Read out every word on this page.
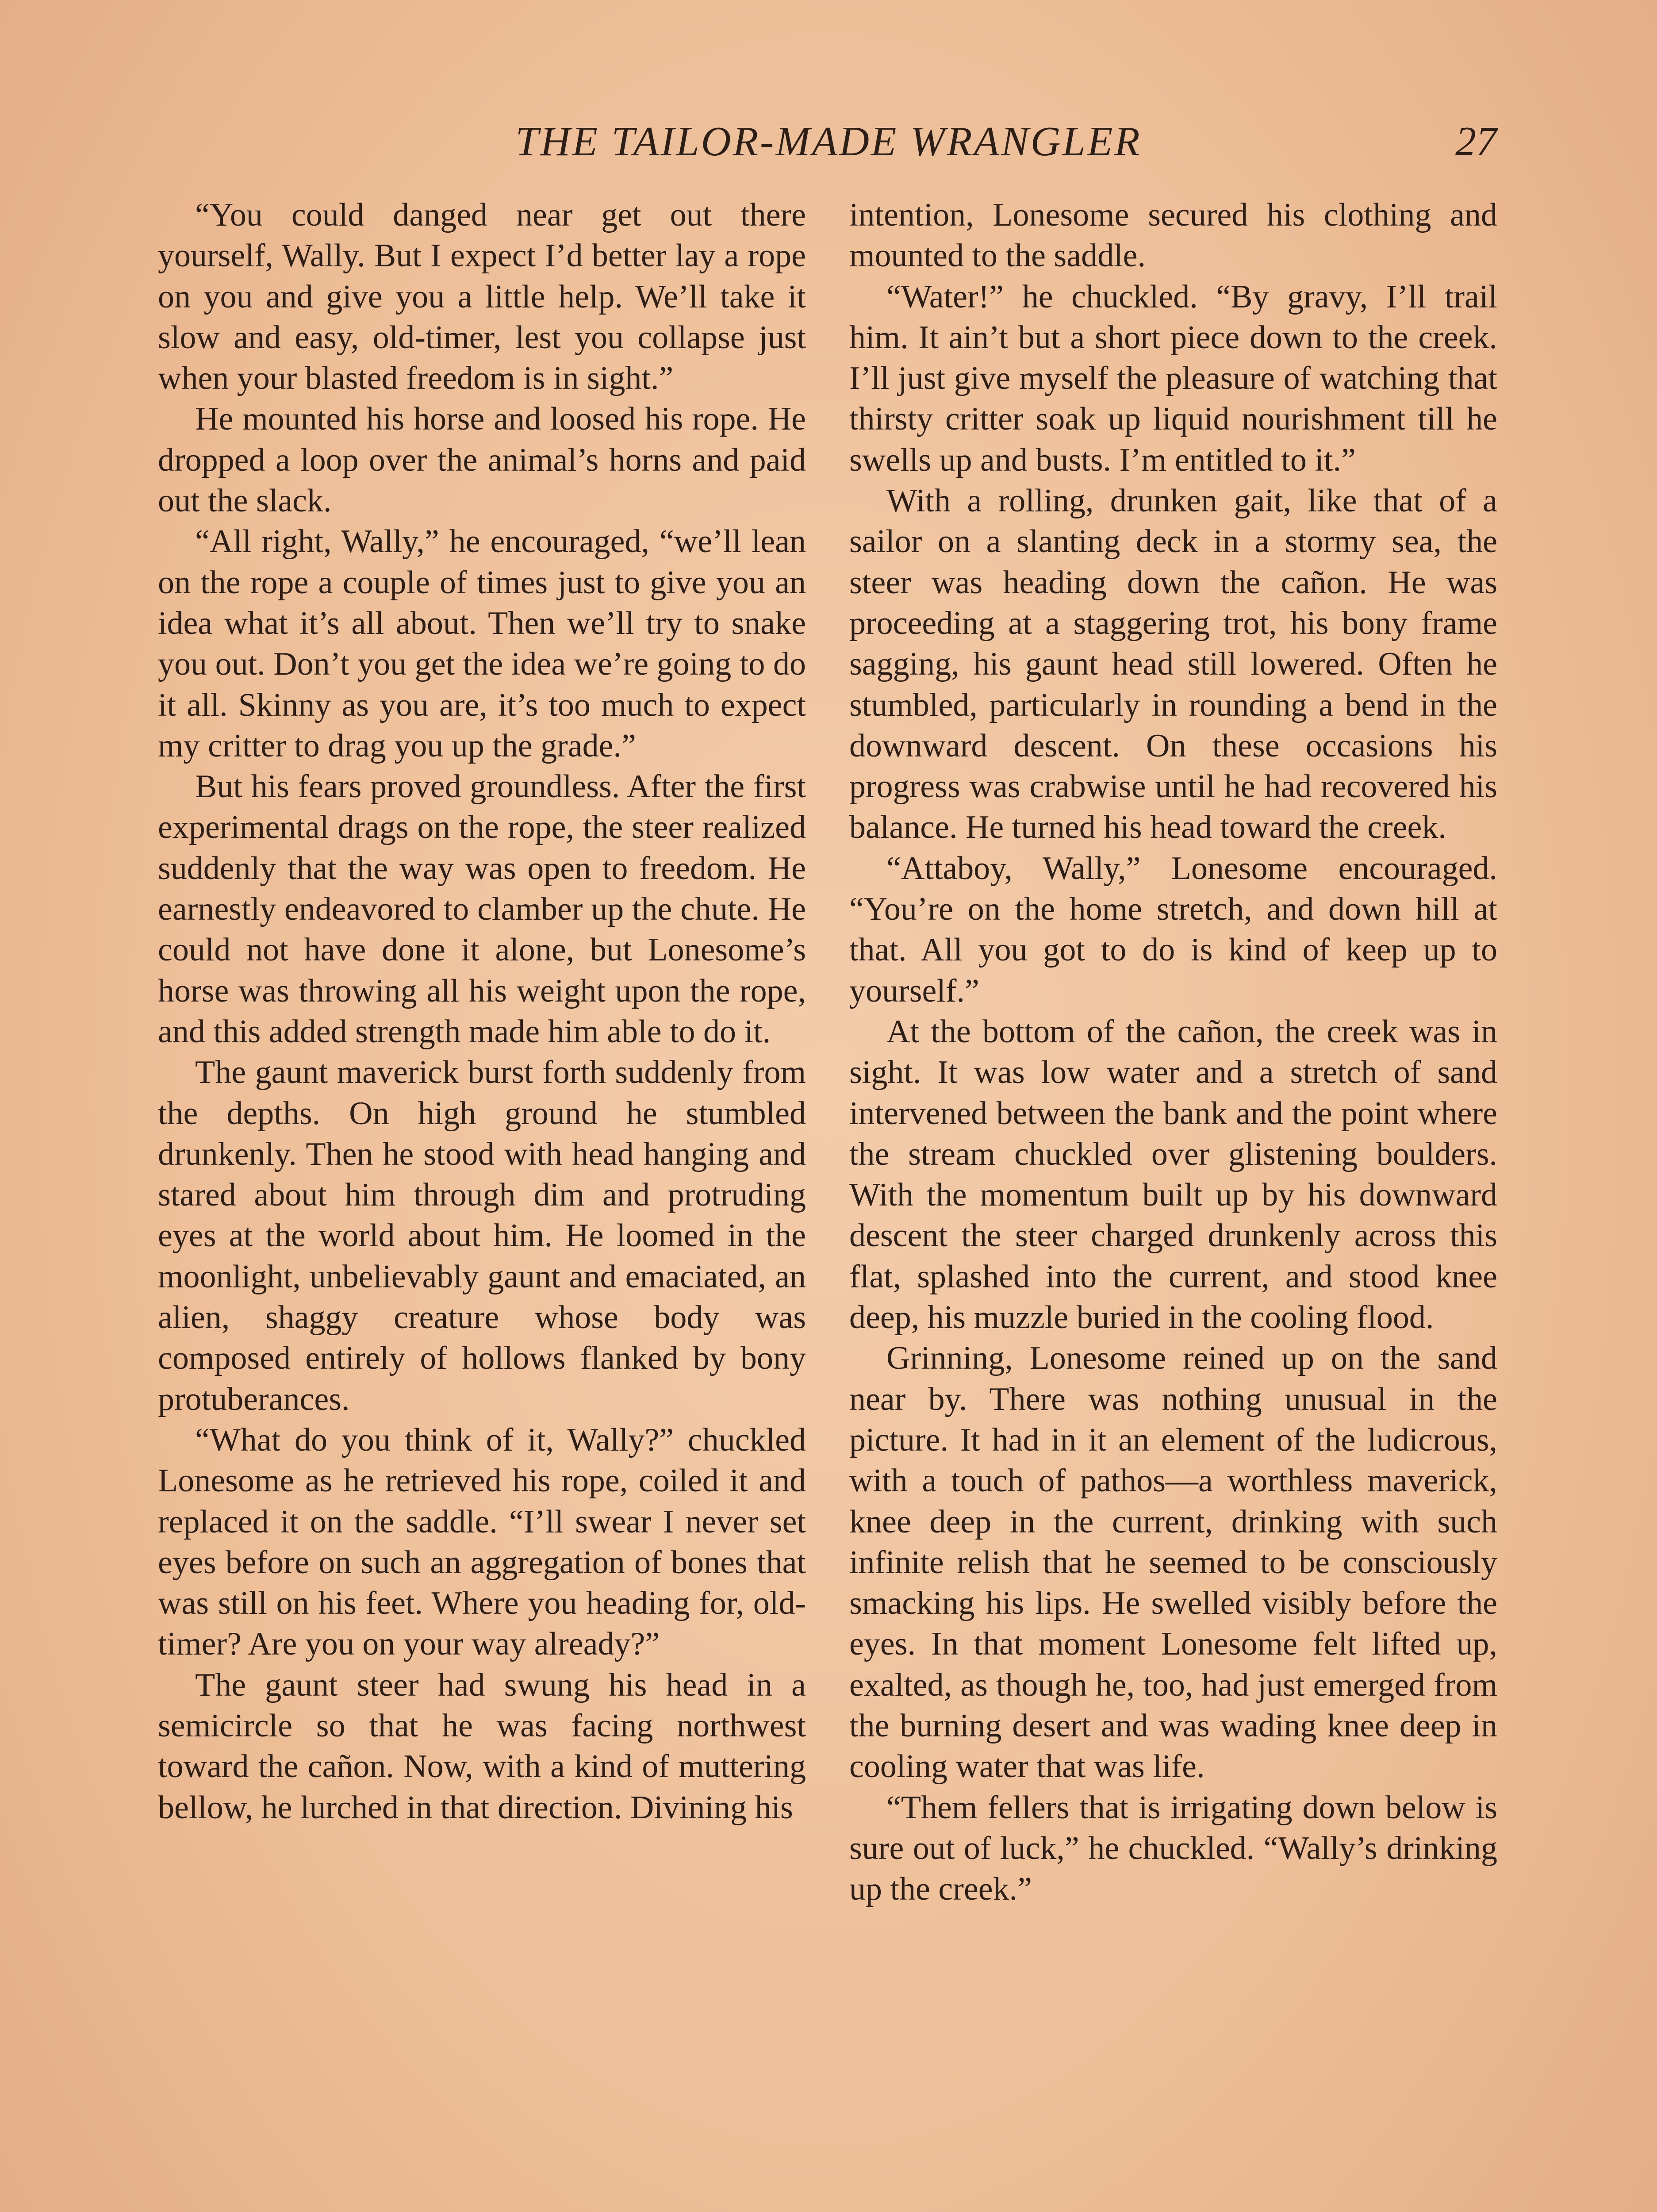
THE TAILOR-MADE WRANGLER	27

“You could danged near get out there yourself, Wally. But I expect I’d better lay a rope on you and give you a little help. We’ll take it slow and easy, old-timer, lest you collapse just when your blasted freedom is in sight.”

He mounted his horse and loosed his rope. He dropped a loop over the animal’s horns and paid out the slack.

“All right, Wally,” he encouraged, “we’ll lean on the rope a couple of times just to give you an idea what it’s all about. Then we’ll try to snake you out. Don’t you get the idea we’re going to do it all. Skinny as you are, it’s too much to expect my critter to drag you up the grade.”

But his fears proved groundless. After the first experimental drags on the rope, the steer realized suddenly that the way was open to freedom. He earnestly endeavored to clamber up the chute. He could not have done it alone, but Lonesome’s horse was throwing all his weight upon the rope, and this added strength made him able to do it.

The gaunt maverick burst forth suddenly from the depths. On high ground he stumbled drunkenly. Then he stood with head hanging and stared about him through dim and protruding eyes at the world about him. He loomed in the moonlight, unbelievably gaunt and emaciated, an alien, shaggy creature whose body was composed entirely of hollows flanked by bony protuberances.

“What do you think of it, Wally?” chuckled Lonesome as he retrieved his rope, coiled it and replaced it on the saddle. “I’ll swear I never set eyes before on such an aggregation of bones that was still on his feet. Where you heading for, old-timer? Are you on your way already?”

The gaunt steer had swung his head in a semicircle so that he was facing northwest toward the cañon. Now, with a kind of muttering bellow, he lurched in that direction. Divining his

intention, Lonesome secured his clothing and mounted to the saddle.

“Water!” he chuckled. “By gravy, I’ll trail him. It ain’t but a short piece down to the creek. I’ll just give myself the pleasure of watching that thirsty critter soak up liquid nourishment till he swells up and busts. I’m entitled to it.”

With a rolling, drunken gait, like that of a sailor on a slanting deck in a stormy sea, the steer was heading down the cañon. He was proceeding at a staggering trot, his bony frame sagging, his gaunt head still lowered. Often he stumbled, particularly in rounding a bend in the downward descent. On these occasions his progress was crabwise until he had recovered his balance. He turned his head toward the creek.

“Attaboy, Wally,” Lonesome encouraged. “You’re on the home stretch, and down hill at that. All you got to do is kind of keep up to yourself.”

At the bottom of the cañon, the creek was in sight. It was low water and a stretch of sand intervened between the bank and the point where the stream chuckled over glistening boulders. With the momentum built up by his downward descent the steer charged drunkenly across this flat, splashed into the current, and stood knee deep, his muzzle buried in the cooling flood.

Grinning, Lonesome reined up on the sand near by. There was nothing unusual in the picture. It had in it an element of the ludicrous, with a touch of pathos—a worthless maverick, knee deep in the current, drinking with such infinite relish that he seemed to be consciously smacking his lips. He swelled visibly before the eyes. In that moment Lonesome felt lifted up, exalted, as though he, too, had just emerged from the burning desert and was wading knee deep in cooling water that was life.

“Them fellers that is irrigating down below is sure out of luck,” he chuckled. “Wally’s drinking up the creek.”
